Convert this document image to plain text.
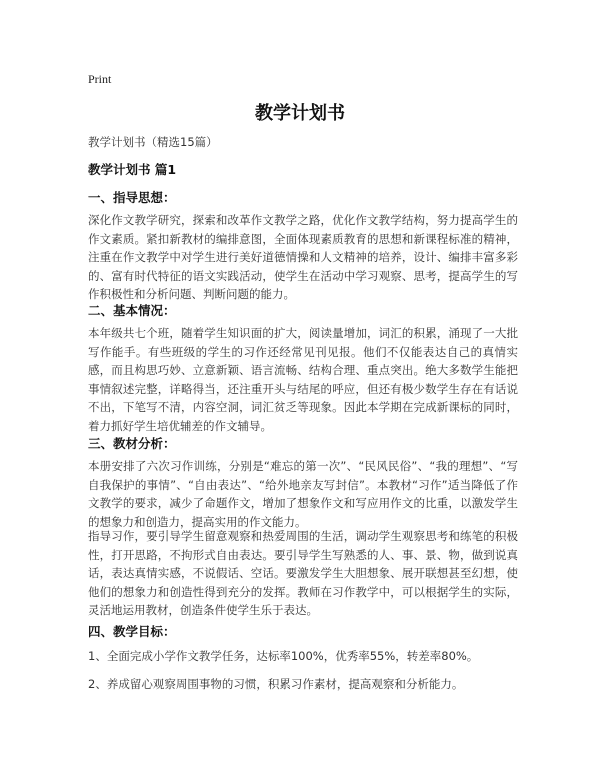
Print
教学计划书
教学计划书（精选15篇）
教学计划书 篇1
一、指导思想：

深化作文教学研究，探索和改革作文教学之路，优化作文教学结构，努力提高学生的作文素质。紧扣新教材的编排意图，全面体现素质教育的思想和新课程标准的精神，注重在作文教学中对学生进行美好道德情操和人文精神的培养，设计、编排丰富多彩的、富有时代特征的语文实践活动，使学生在活动中学习观察、思考，提高学生的写作积极性和分析问题、判断问题的能力。

二、基本情况：

本年级共七个班，随着学生知识面的扩大，阅读量增加，词汇的积累，涌现了一大批写作能手。有些班级的学生的习作还经常见刊见报。他们不仅能表达自己的真情实感，而且构思巧妙、立意新颖、语言流畅、结构合理、重点突出。绝大多数学生能把事情叙述完整，详略得当，还注重开头与结尾的呼应，但还有极少数学生存在有话说不出，下笔写不清，内容空洞，词汇贫乏等现象。因此本学期在完成新课标的同时，着力抓好学生培优辅差的作文辅导。

三、教材分析：

本册安排了六次习作训练，分别是“难忘的第一次”、“民风民俗”、“我的理想”、“写自我保护的事情”、“自由表达”、“给外地亲友写封信”。本教材“习作”适当降低了作文教学的要求，减少了命题作文，增加了想象作文和写应用作文的比重，以激发学生的想象力和创造力，提高实用的作文能力。

指导习作，要引导学生留意观察和热爱周围的生活，调动学生观察思考和练笔的积极性，打开思路，不拘形式自由表达。要引导学生写熟悉的人、事、景、物，做到说真话，表达真情实感，不说假话、空话。要激发学生大胆想象、展开联想甚至幻想，使他们的想象力和创造性得到充分的发挥。教师在习作教学中，可以根据学生的实际，灵活地运用教材，创造条件使学生乐于表达。

四、教学目标：

1、全面完成小学作文教学任务，达标率100%，优秀率55%，转差率80%。

2、养成留心观察周围事物的习惯，积累习作素材，提高观察和分析能力。
